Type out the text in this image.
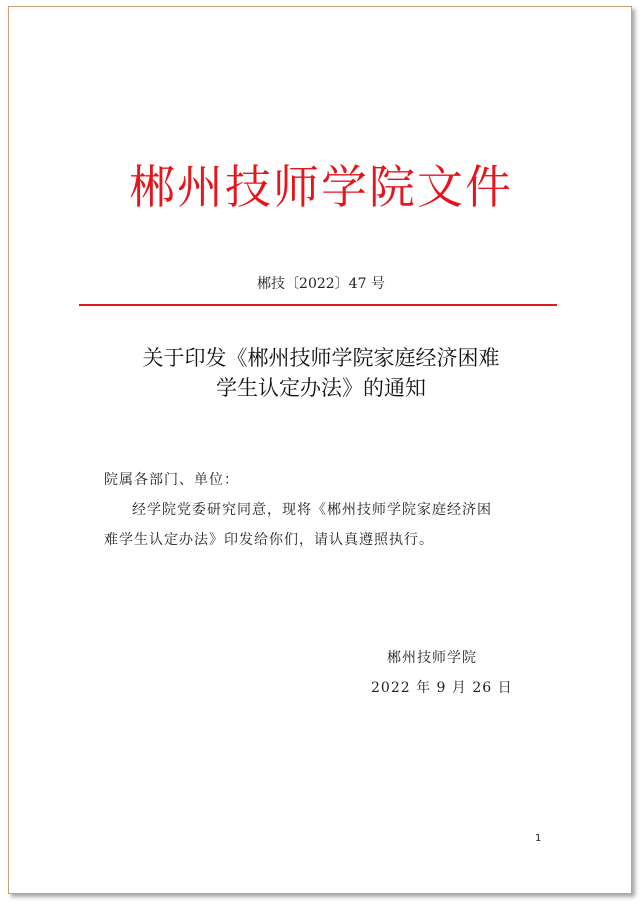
郴州技师学院文件
郴技〔2022〕47 号
关于印发《郴州技师学院家庭经济困难
学生认定办法》的通知
院属各部门、单位：
经学院党委研究同意，现将《郴州技师学院家庭经济困
难学生认定办法》印发给你们，请认真遵照执行。
郴州技师学院
2022 年 9 月 26 日
1
